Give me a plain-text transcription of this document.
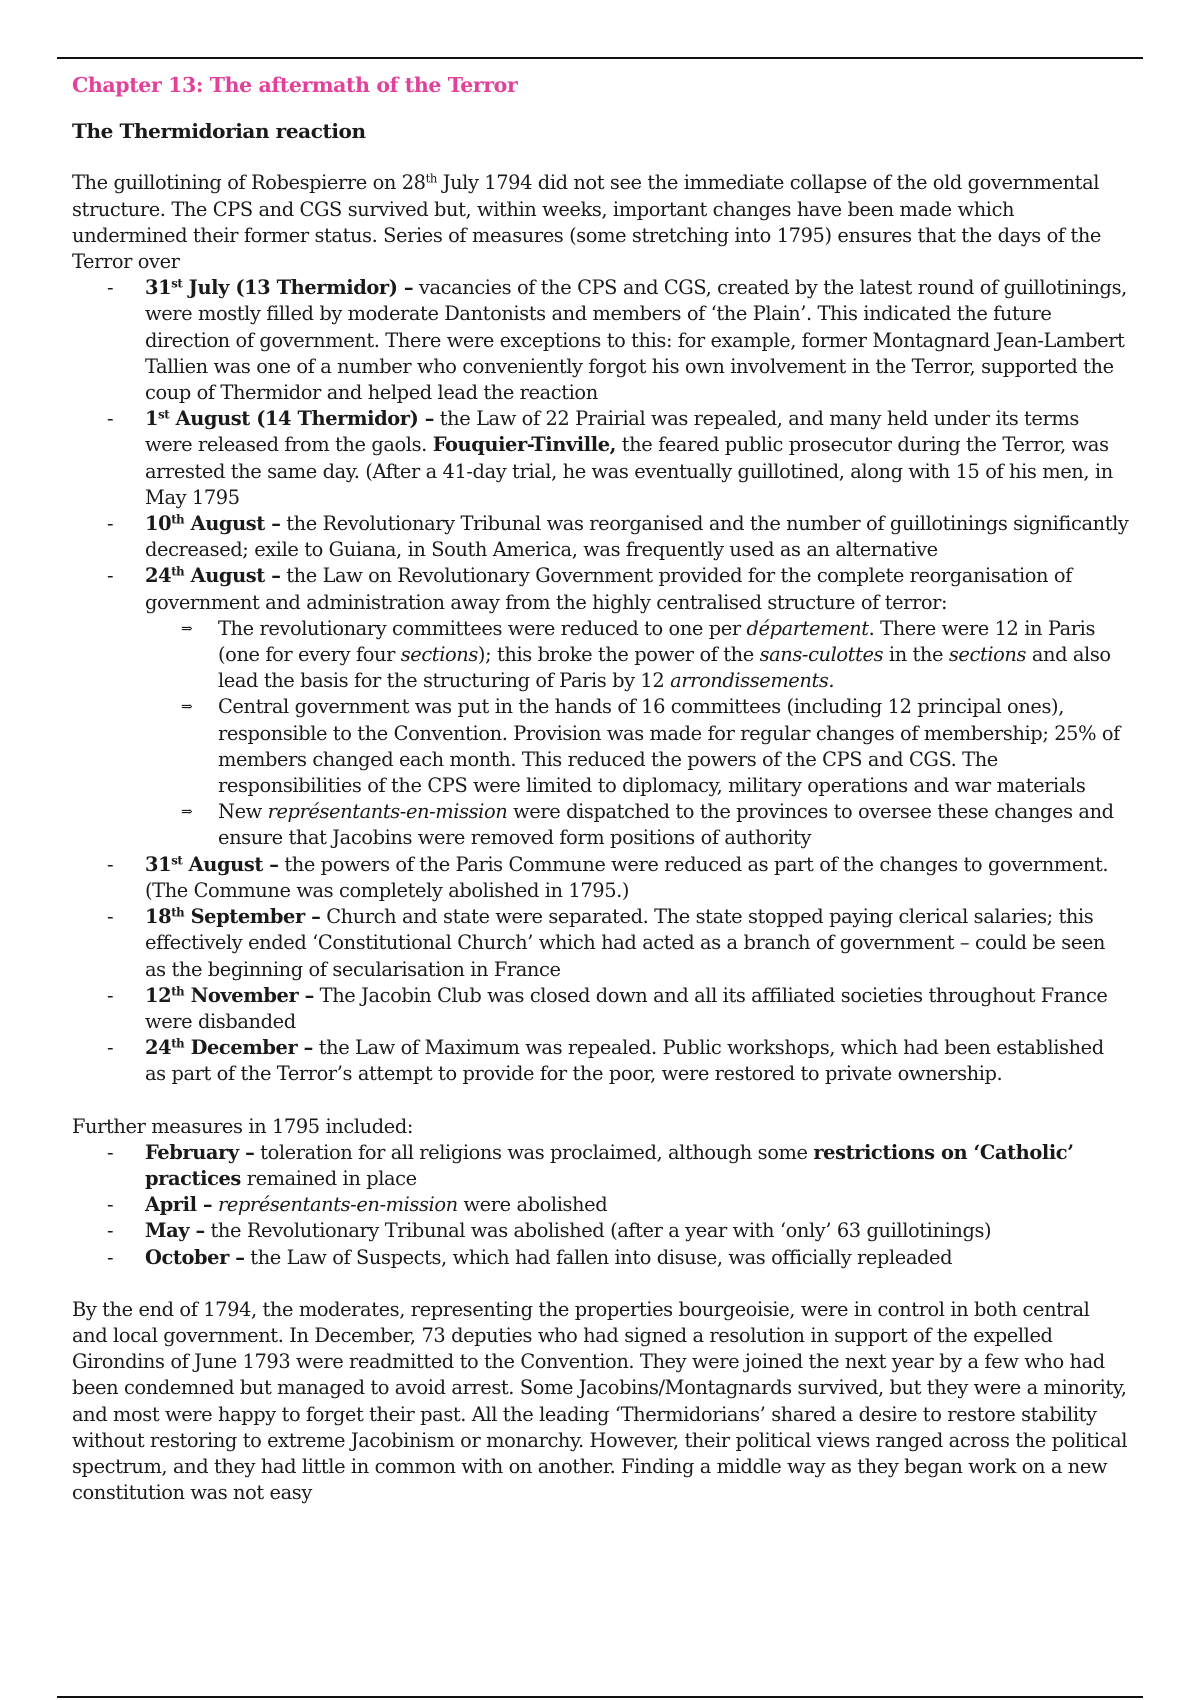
Chapter 13: The aftermath of the Terror
The Thermidorian reaction

The guillotining of Robespierre on 28th July 1794 did not see the immediate collapse of the old governmental structure. The CPS and CGS survived but, within weeks, important changes have been made which undermined their former status. Series of measures (some stretching into 1795) ensures that the days of the Terror over

- 31st July (13 Thermidor) – vacancies of the CPS and CGS, created by the latest round of guillotinings, were mostly filled by moderate Dantonists and members of ‘the Plain’. This indicated the future direction of government. There were exceptions to this: for example, former Montagnard Jean-Lambert Tallien was one of a number who conveniently forgot his own involvement in the Terror, supported the coup of Thermidor and helped lead the reaction
- 1st August (14 Thermidor) – the Law of 22 Prairial was repealed, and many held under its terms were released from the gaols. Fouquier-Tinville, the feared public prosecutor during the Terror, was arrested the same day. (After a 41-day trial, he was eventually guillotined, along with 15 of his men, in May 1795
- 10th August – the Revolutionary Tribunal was reorganised and the number of guillotinings significantly decreased; exile to Guiana, in South America, was frequently used as an alternative
- 24th August – the Law on Revolutionary Government provided for the complete reorganisation of government and administration away from the highly centralised structure of terror:
⇒ The revolutionary committees were reduced to one per département. There were 12 in Paris (one for every four sections); this broke the power of the sans-culottes in the sections and also lead the basis for the structuring of Paris by 12 arrondissements.
⇒ Central government was put in the hands of 16 committees (including 12 principal ones), responsible to the Convention. Provision was made for regular changes of membership; 25% of members changed each month. This reduced the powers of the CPS and CGS. The responsibilities of the CPS were limited to diplomacy, military operations and war materials
⇒ New représentants-en-mission were dispatched to the provinces to oversee these changes and ensure that Jacobins were removed form positions of authority
- 31st August – the powers of the Paris Commune were reduced as part of the changes to government. (The Commune was completely abolished in 1795.)
- 18th September – Church and state were separated. The state stopped paying clerical salaries; this effectively ended ‘Constitutional Church’ which had acted as a branch of government – could be seen as the beginning of secularisation in France
- 12th November – The Jacobin Club was closed down and all its affiliated societies throughout France were disbanded
- 24th December – the Law of Maximum was repealed. Public workshops, which had been established as part of the Terror’s attempt to provide for the poor, were restored to private ownership.

Further measures in 1795 included:

- February – toleration for all religions was proclaimed, although some restrictions on ‘Catholic’ practices remained in place
- April – représentants-en-mission were abolished
- May – the Revolutionary Tribunal was abolished (after a year with ‘only’ 63 guillotinings)
- October – the Law of Suspects, which had fallen into disuse, was officially repleaded

By the end of 1794, the moderates, representing the properties bourgeoisie, were in control in both central and local government. In December, 73 deputies who had signed a resolution in support of the expelled Girondins of June 1793 were readmitted to the Convention. They were joined the next year by a few who had been condemned but managed to avoid arrest. Some Jacobins/Montagnards survived, but they were a minority, and most were happy to forget their past. All the leading ‘Thermidorians’ shared a desire to restore stability without restoring to extreme Jacobinism or monarchy. However, their political views ranged across the political spectrum, and they had little in common with on another. Finding a middle way as they began work on a new constitution was not easy
